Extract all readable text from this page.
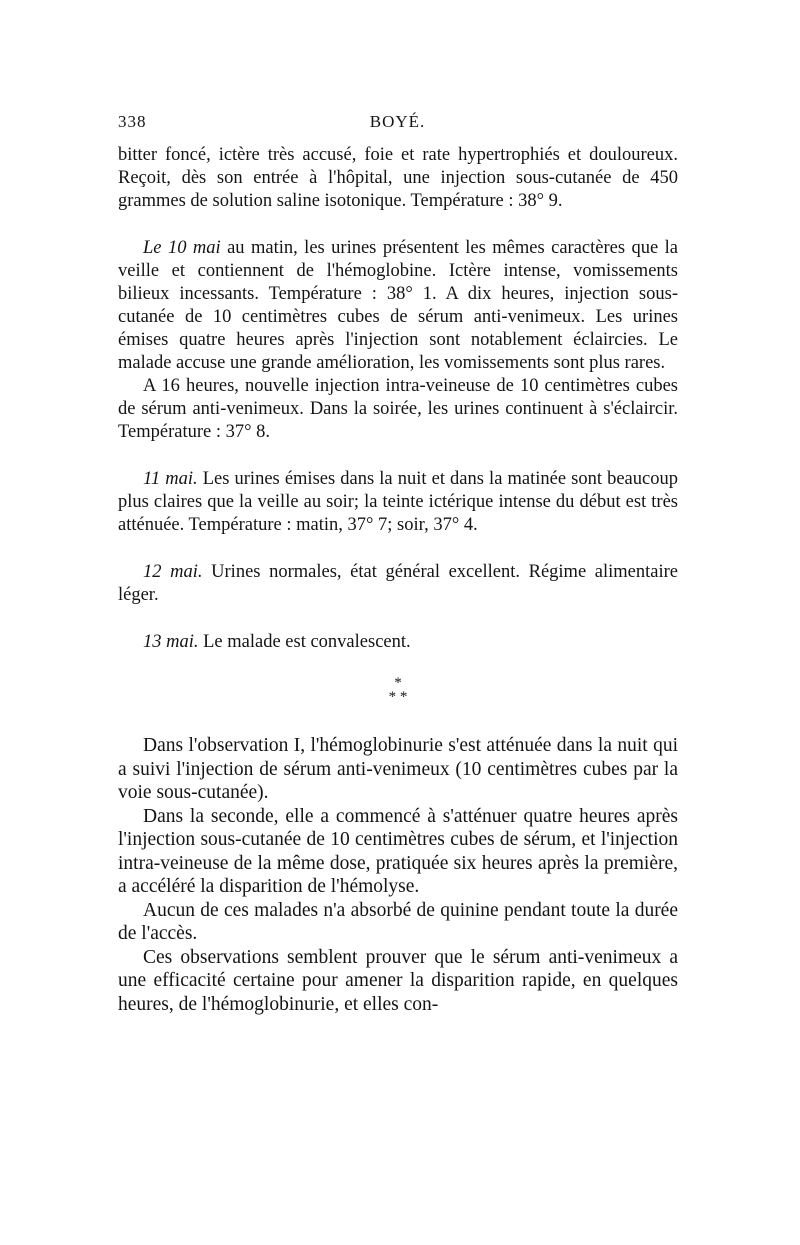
338	BOYÉ.

bitter foncé, ictère très accusé, foie et rate hypertrophiés et douloureux. Reçoit, dès son entrée à l'hôpital, une injection sous-cutanée de 450 grammes de solution saline isotonique. Température : 38° 9.

Le 10 mai au matin, les urines présentent les mêmes caractères que la veille et contiennent de l'hémoglobine. Ictère intense, vomissements bilieux incessants. Température : 38° 1. A dix heures, injection sous-cutanée de 10 centimètres cubes de sérum anti-venimeux. Les urines émises quatre heures après l'injection sont notablement éclaircies. Le malade accuse une grande amélioration, les vomissements sont plus rares.

A 16 heures, nouvelle injection intra-veineuse de 10 centimètres cubes de sérum anti-venimeux. Dans la soirée, les urines continuent à s'éclaircir. Température : 37° 8.

11 mai. Les urines émises dans la nuit et dans la matinée sont beaucoup plus claires que la veille au soir; la teinte ictérique intense du début est très atténuée. Température : matin, 37° 7; soir, 37° 4.

12 mai. Urines normales, état général excellent. Régime alimentaire léger.

13 mai. Le malade est convalescent.

*
* *

Dans l'observation I, l'hémoglobinurie s'est atténuée dans la nuit qui a suivi l'injection de sérum anti-venimeux (10 centimètres cubes par la voie sous-cutanée).

Dans la seconde, elle a commencé à s'atténuer quatre heures après l'injection sous-cutanée de 10 centimètres cubes de sérum, et l'injection intra-veineuse de la même dose, pratiquée six heures après la première, a accéléré la disparition de l'hémolyse.

Aucun de ces malades n'a absorbé de quinine pendant toute la durée de l'accès.

Ces observations semblent prouver que le sérum anti-venimeux a une efficacité certaine pour amener la disparition rapide, en quelques heures, de l'hémoglobinurie, et elles con-
